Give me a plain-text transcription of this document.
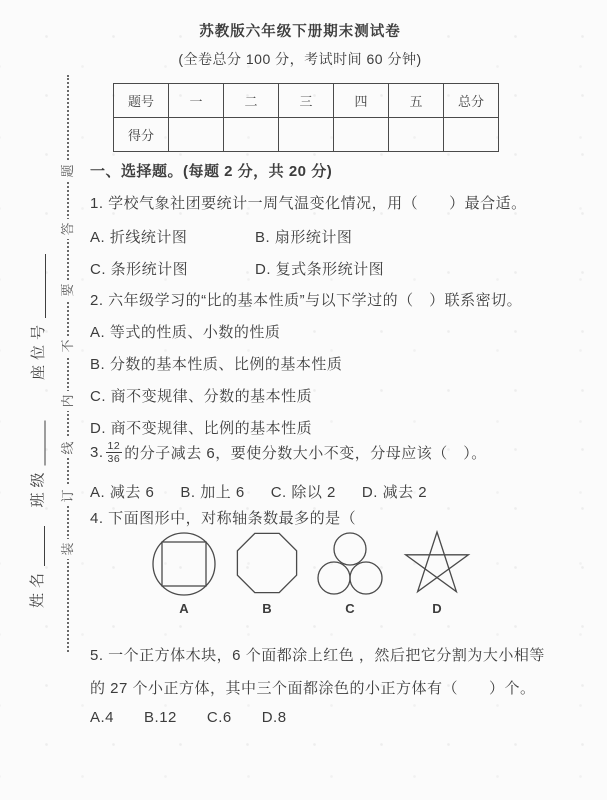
座位号
班级
姓名
题
答
要
不
内
线
订
装
苏教版六年级下册期末测试卷
(全卷总分 100 分，考试时间 60 分钟)
题号	一	二	三	四	五	总分
得分						
一、选择题。(每题 2 分，共 20 分)
1. 学校气象社团要统计一周气温变化情况，用（　　）最合适。
A. 折线统计图	B. 扇形统计图
C. 条形统计图	D. 复式条形统计图
2. 六年级学习的“比的基本性质”与以下学过的（　）联系密切。
A. 等式的性质、小数的性质
B. 分数的基本性质、比例的基本性质
C. 商不变规律、分数的基本性质
D. 商不变规律、比例的基本性质
3. $\frac{12}{36}$ 的分子减去 6，要使分数大小不变，分母应该（　）。
A. 减去 6 B. 加上 6 C. 除以 2 D. 减去 2
4. 下面图形中，对称轴条数最多的是（
A	B	C	D
5. 一个正方体木块，6 个面都涂上红色 ，然后把它分割为大小相等
的 27 个小正方体，其中三个面都涂色的小正方体有（　　）个。
A.4 B.12 C.6 D.8
